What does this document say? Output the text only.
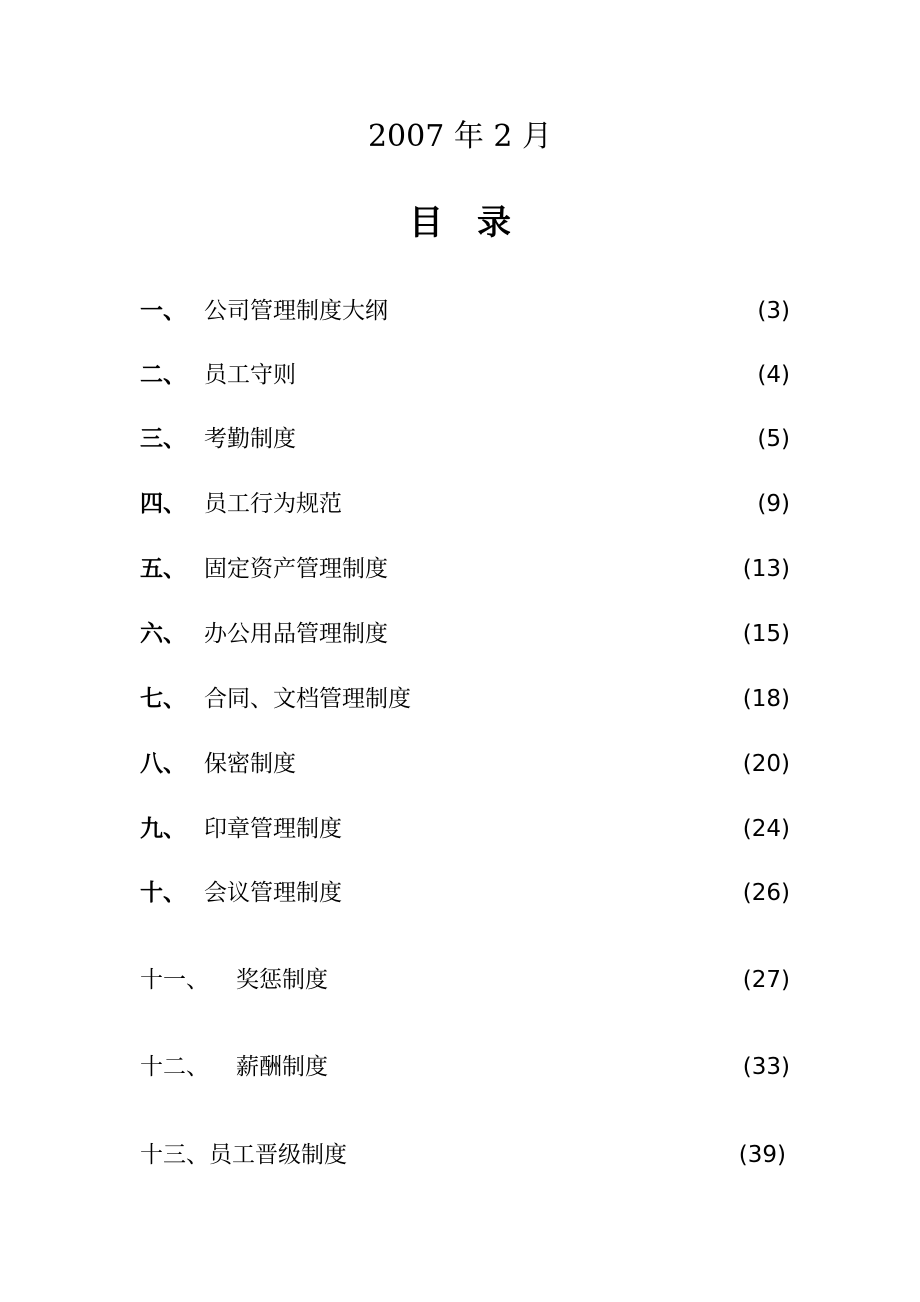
2007 年 2 月
目录
一、 公司管理制度大纲	(3)
二、 员工守则	(4)
三、 考勤制度	(5)
四、 员工行为规范	(9)
五、 固定资产管理制度	(13)
六、 办公用品管理制度	(15)
七、 合同、文档管理制度	(18)
八、 保密制度	(20)
九、 印章管理制度	(24)
十、 会议管理制度	(26)
十一、	奖惩制度	(27)
十二、	薪酬制度	(33)
十三、 员工晋级制度	(39)
